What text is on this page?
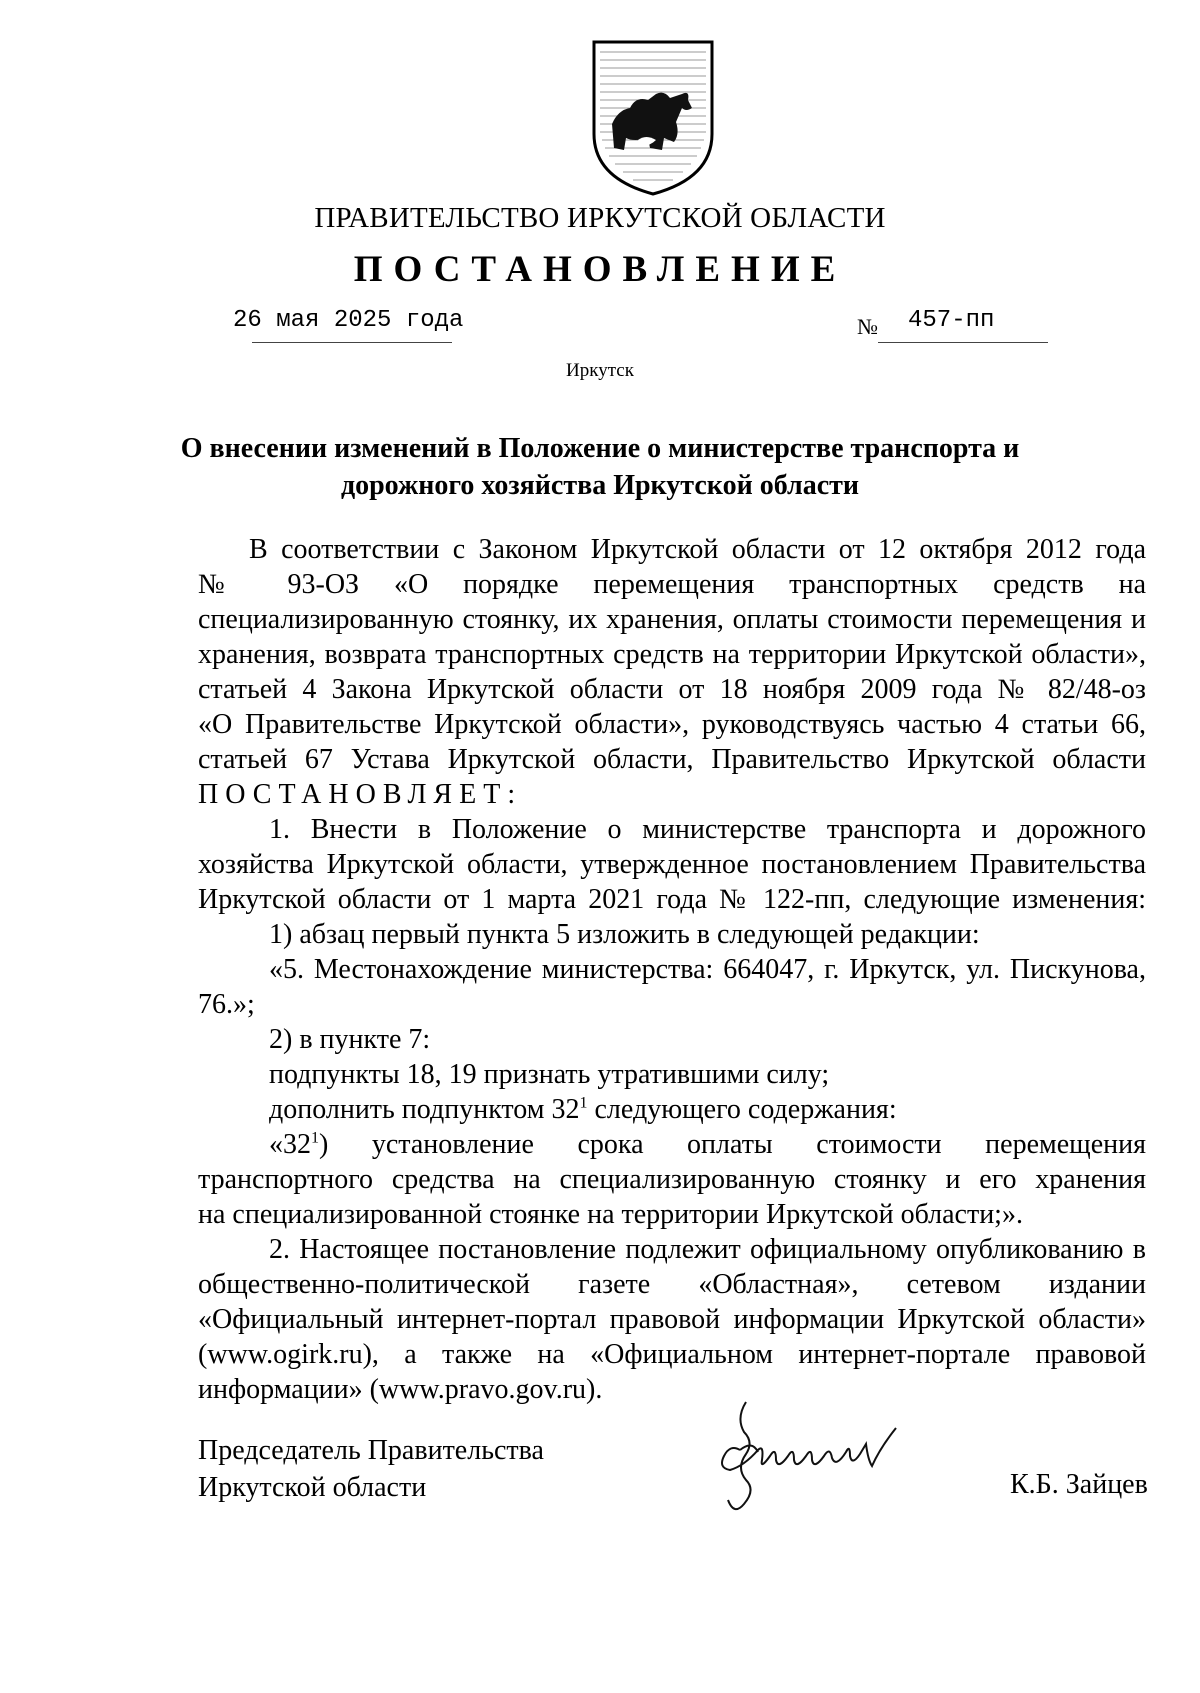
ПРАВИТЕЛЬСТВО ИРКУТСКОЙ ОБЛАСТИ
ПОСТАНОВЛЕНИЕ
26 мая 2025 года	№ 457-пп
Иркутск
О внесении изменений в Положение о министерстве транспорта и
дорожного хозяйства Иркутской области

В соответствии с Законом Иркутской области от 12 октября 2012 года

№ 93-ОЗ «О порядке перемещения транспортных средств на

специализированную стоянку, их хранения, оплаты стоимости перемещения и

хранения, возврата транспортных средств на территории Иркутской области»,

статьей 4 Закона Иркутской области от 18 ноября 2009 года № 82/48-оз

«О Правительстве Иркутской области», руководствуясь частью 4 статьи 66,

статьей 67 Устава Иркутской области, Правительство Иркутской области

ПОСТАНОВЛЯЕТ:

1. Внести в Положение о министерстве транспорта и дорожного

хозяйства Иркутской области, утвержденное постановлением Правительства

Иркутской области от 1 марта 2021 года № 122-пп, следующие изменения:

1) абзац первый пункта 5 изложить в следующей редакции:

«5. Местонахождение министерства: 664047, г. Иркутск, ул. Пискунова,

76.»;

2) в пункте 7:

подпункты 18, 19 признать утратившими силу;

дополнить подпунктом $32^1$ следующего содержания:

«$32^1$) установление срока оплаты стоимости перемещения

транспортного средства на специализированную стоянку и его хранения

на специализированной стоянке на территории Иркутской области;».

2. Настоящее постановление подлежит официальному опубликованию в

общественно-политической газете «Областная», сетевом издании

«Официальный интернет-портал правовой информации Иркутской области»

(www.ogirk.ru), а также на «Официальном интернет-портале правовой

информации» (www.pravo.gov.ru).

Председатель Правительства
Иркутской области	К.Б. Зайцев
